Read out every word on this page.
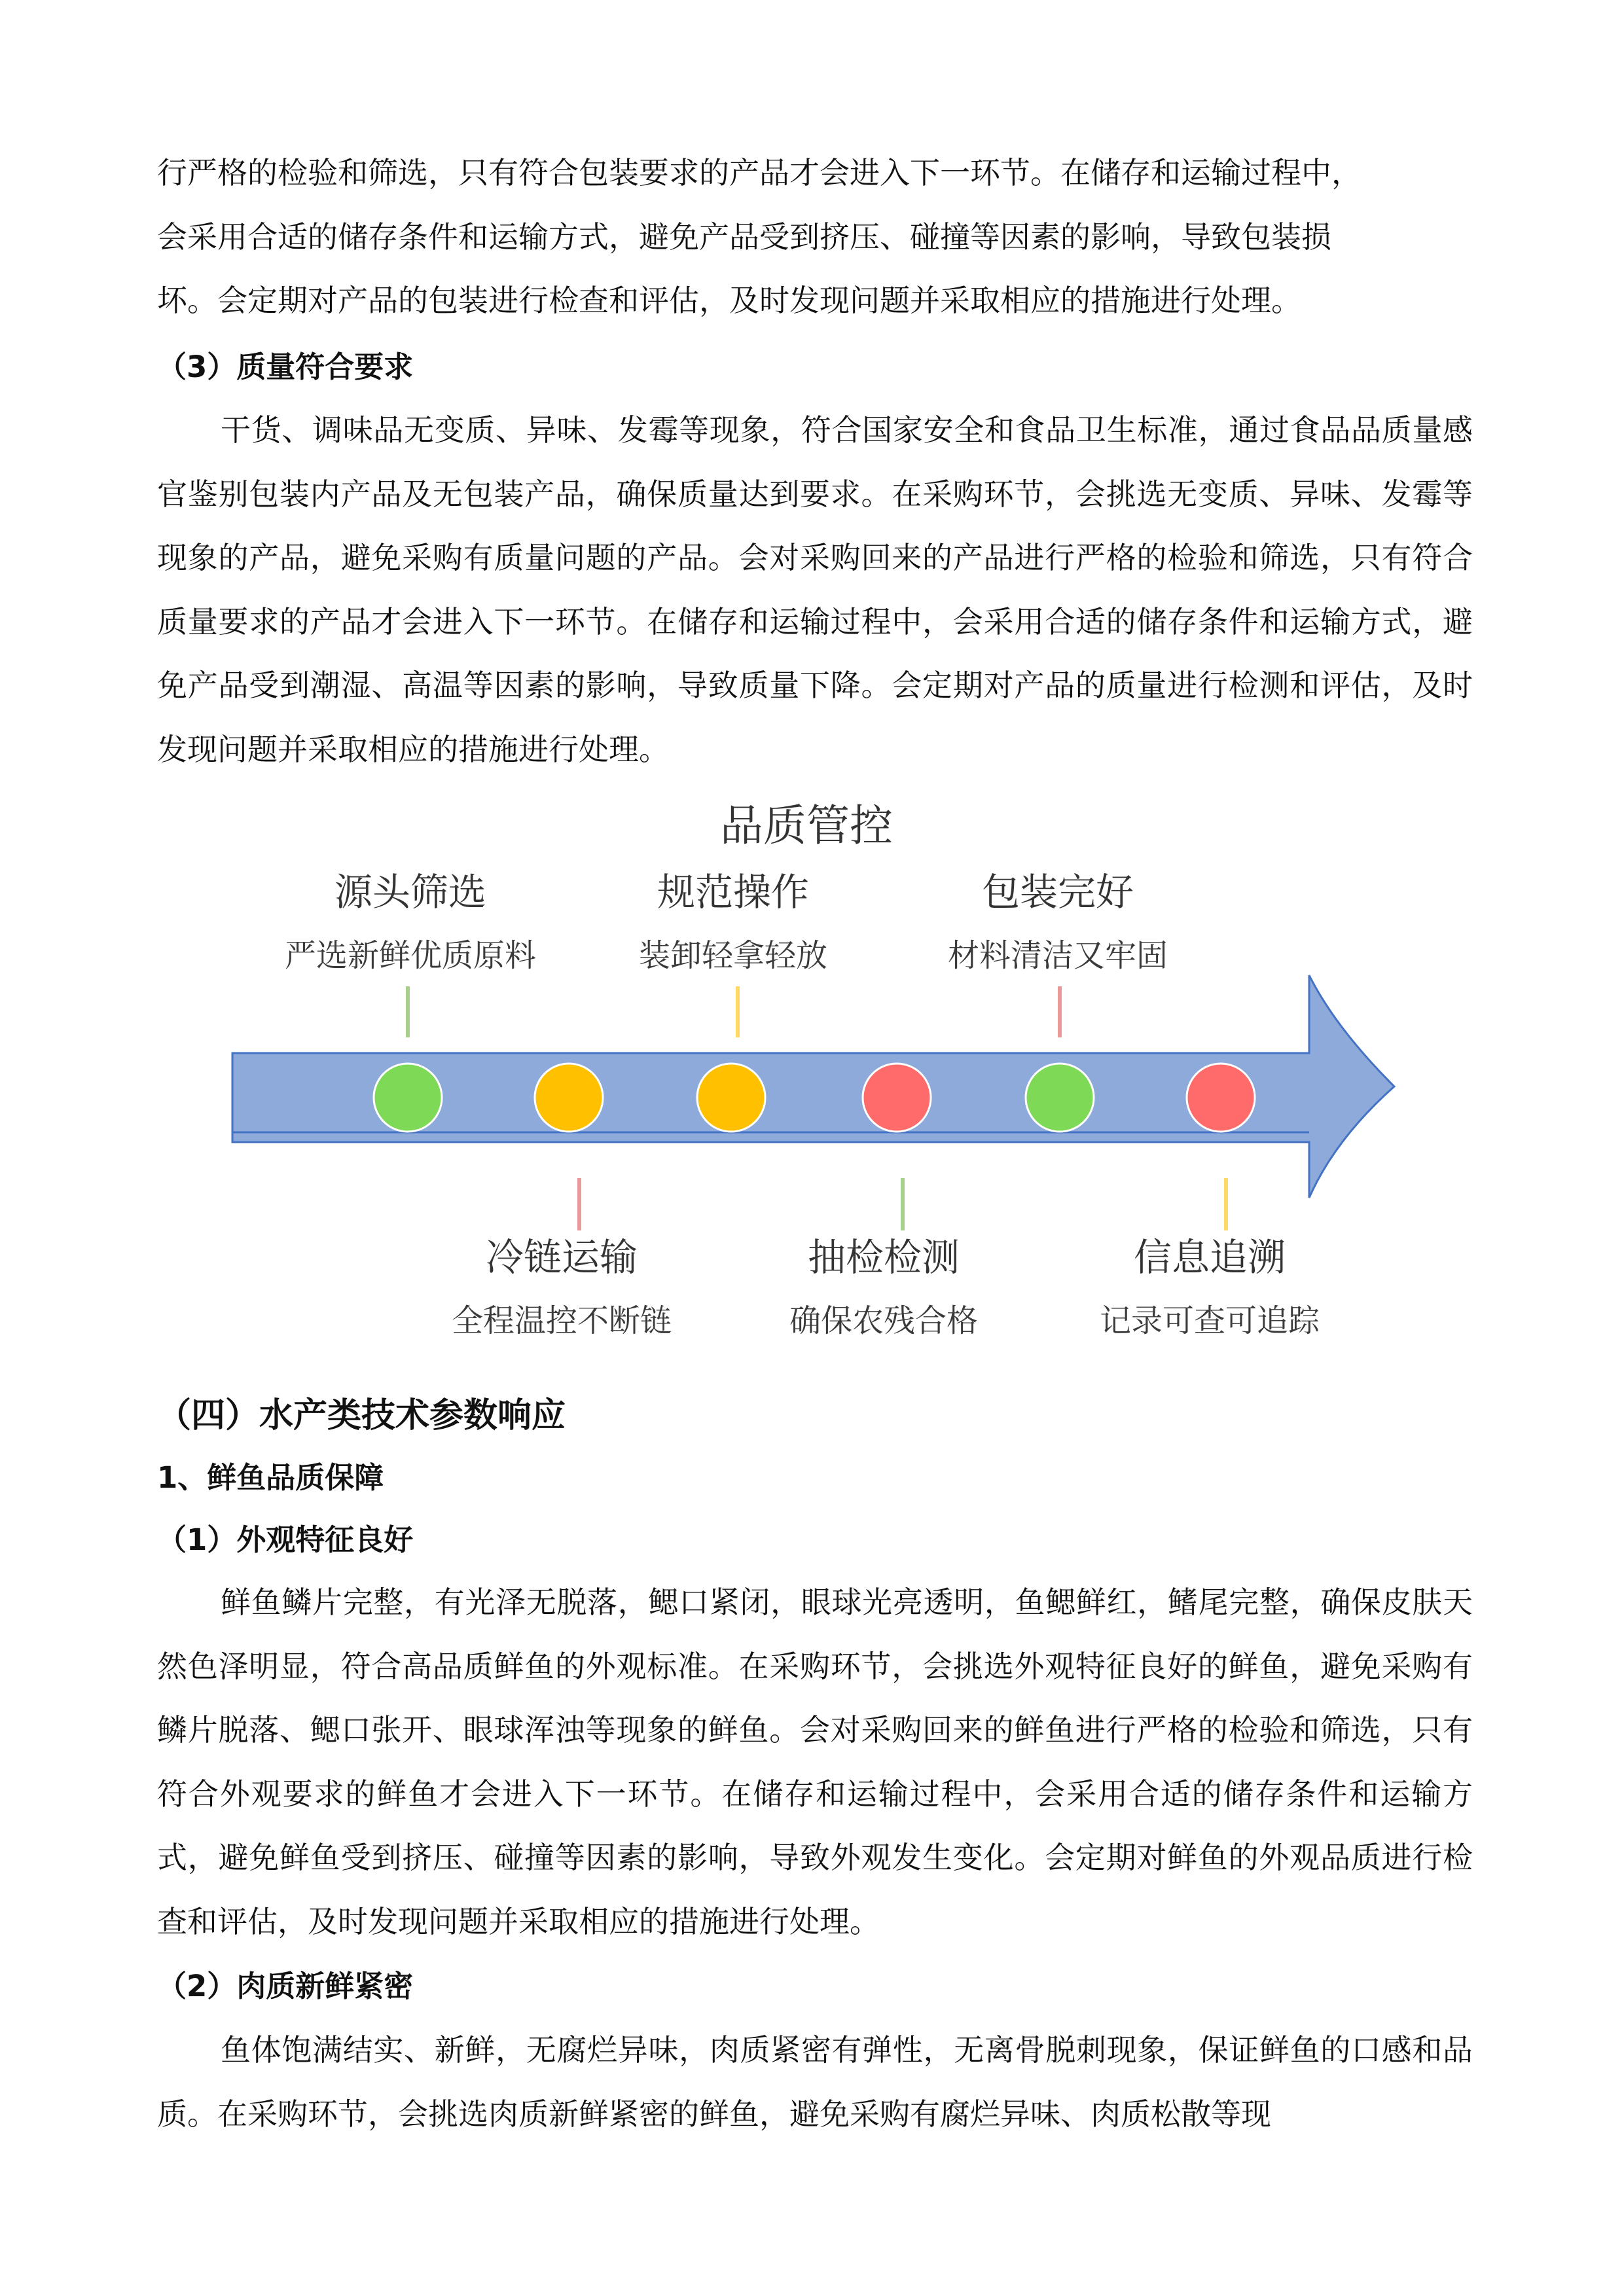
行严格的检验和筛选，只有符合包装要求的产品才会进入下一环节。在储存和运输过程中，
会采用合适的储存条件和运输方式，避免产品受到挤压、碰撞等因素的影响，导致包装损
坏。会定期对产品的包装进行检查和评估，及时发现问题并采取相应的措施进行处理。

（3）质量符合要求

干货、调味品无变质、异味、发霉等现象，符合国家安全和食品卫生标准，通过食品品质量感官鉴别包装内产品及无包装产品，确保质量达到要求。在采购环节，会挑选无变质、异味、发霉等现象的产品，避免采购有质量问题的产品。会对采购回来的产品进行严格的检验和筛选，只有符合质量要求的产品才会进入下一环节。在储存和运输过程中，会采用合适的储存条件和运输方式，避免产品受到潮湿、高温等因素的影响，导致质量下降。会定期对产品的质量进行检测和评估，及时发现问题并采取相应的措施进行处理。

品质管控
源头筛选
严选新鲜优质原料
规范操作
装卸轻拿轻放
包装完好
材料清洁又牢固
冷链运输
全程温控不断链
抽检检测
确保农残合格
信息追溯
记录可查可追踪
（四）水产类技术参数响应
1、鲜鱼品质保障
（1）外观特征良好

鲜鱼鳞片完整，有光泽无脱落，鳃口紧闭，眼球光亮透明，鱼鳃鲜红，鳍尾完整，确保皮肤天然色泽明显，符合高品质鲜鱼的外观标准。在采购环节，会挑选外观特征良好的鲜鱼，避免采购有鳞片脱落、鳃口张开、眼球浑浊等现象的鲜鱼。会对采购回来的鲜鱼进行严格的检验和筛选，只有符合外观要求的鲜鱼才会进入下一环节。在储存和运输过程中，会采用合适的储存条件和运输方式，避免鲜鱼受到挤压、碰撞等因素的影响，导致外观发生变化。会定期对鲜鱼的外观品质进行检查和评估，及时发现问题并采取相应的措施进行处理。

（2）肉质新鲜紧密

鱼体饱满结实、新鲜，无腐烂异味，肉质紧密有弹性，无离骨脱刺现象，保证鲜鱼的口感和品质。在采购环节，会挑选肉质新鲜紧密的鲜鱼，避免采购有腐烂异味、肉质松散等现
